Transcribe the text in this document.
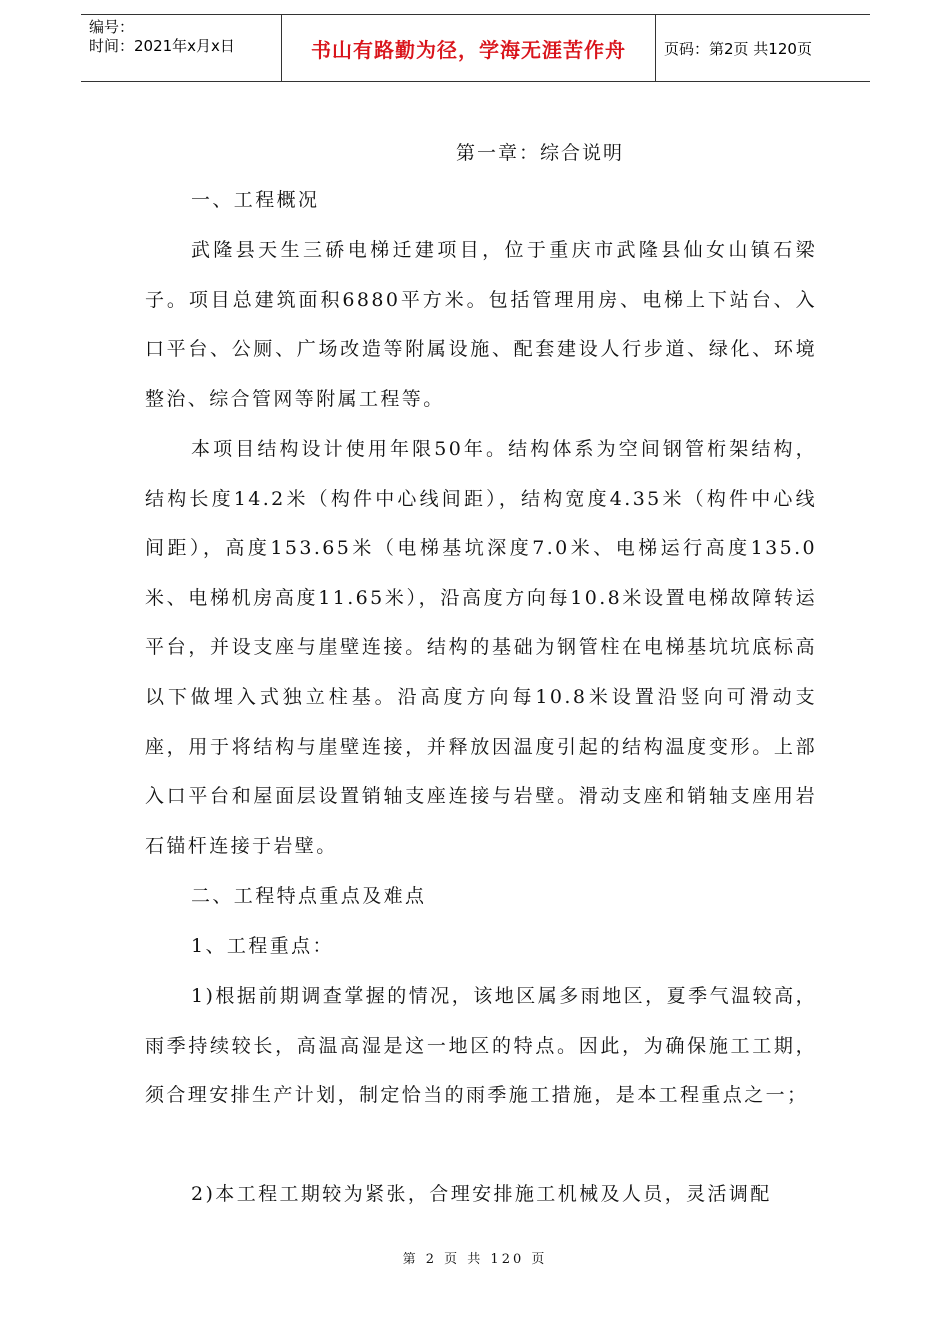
编号：
时间：2021年x月x日	书山有路勤为径，学海无涯苦作舟	页码：第2页 共120页
第一章：综合说明

一、工程概况

武隆县天生三硚电梯迁建项目，位于重庆市武隆县仙女山镇石梁子。项目总建筑面积6880平方米。包括管理用房、电梯上下站台、入口平台、公厕、广场改造等附属设施、配套建设人行步道、绿化、环境整治、综合管网等附属工程等。

本项目结构设计使用年限50年。结构体系为空间钢管桁架结构，结构长度14.2米（构件中心线间距），结构宽度4.35米（构件中心线间距），高度153.65米（电梯基坑深度7.0米、电梯运行高度135.0米、电梯机房高度11.65米），沿高度方向每10.8米设置电梯故障转运平台，并设支座与崖壁连接。结构的基础为钢管柱在电梯基坑坑底标高以下做埋入式独立柱基。沿高度方向每10.8米设置沿竖向可滑动支座，用于将结构与崖壁连接，并释放因温度引起的结构温度变形。上部入口平台和屋面层设置销轴支座连接与岩壁。滑动支座和销轴支座用岩石锚杆连接于岩壁。

二、工程特点重点及难点

1、工程重点：

1)根据前期调查掌握的情况，该地区属多雨地区，夏季气温较高，雨季持续较长，高温高湿是这一地区的特点。因此，为确保施工工期，须合理安排生产计划，制定恰当的雨季施工措施，是本工程重点之一；

2)本工程工期较为紧张，合理安排施工机械及人员，灵活调配

第 2 页 共 120 页
